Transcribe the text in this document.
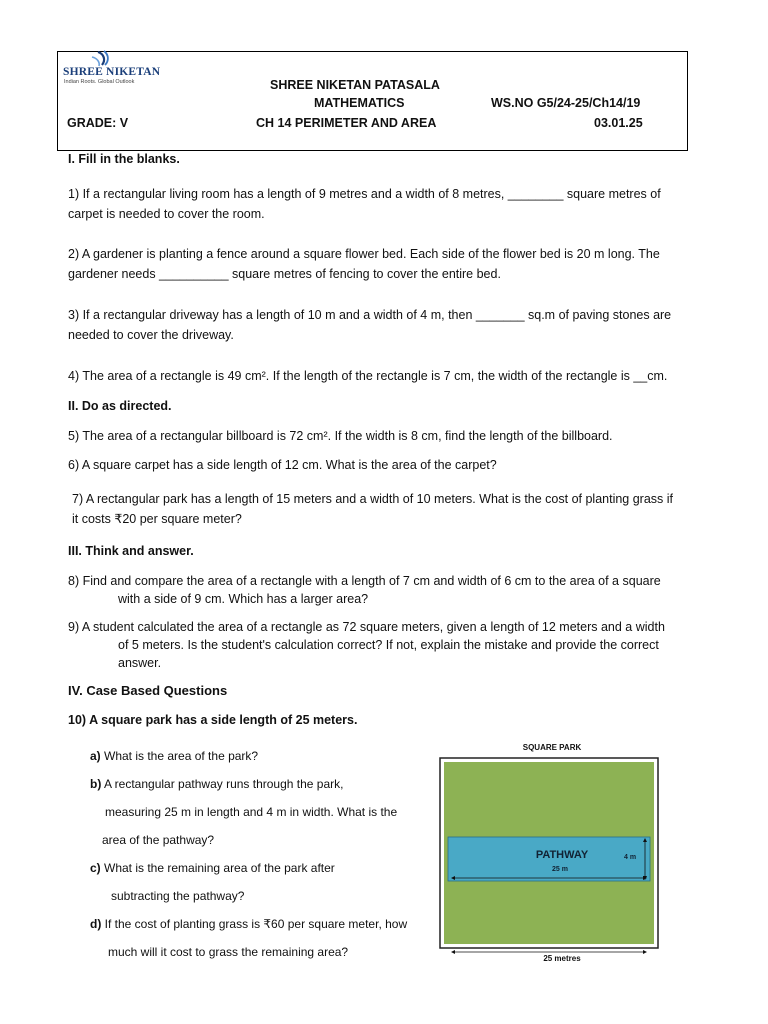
SHREE NIKETAN
Indian Roots. Global Outlook	SHREE NIKETAN PATASALA
MATHEMATICS	WS.NO G5/24-25/Ch14/19
GRADE: V	CH 14 PERIMETER AND AREA	03.01.25
I. Fill in the blanks.
1) If a rectangular living room has a length of 9 metres and a width of 8 metres, ________ square metres of
carpet is needed to cover the room.
2) A gardener is planting a fence around a square flower bed. Each side of the flower bed is 20 m long. The
gardener needs __________ square metres of fencing to cover the entire bed.
3) If a rectangular driveway has a length of 10 m and a width of 4 m, then _______ sq.m of paving stones are
needed to cover the driveway.
4) The area of a rectangle is 49 cm². If the length of the rectangle is 7 cm, the width of the rectangle is __cm.
II. Do as directed.
5) The area of a rectangular billboard is 72 cm². If the width is 8 cm, find the length of the billboard.
6) A square carpet has a side length of 12 cm. What is the area of the carpet?
7) A rectangular park has a length of 15 meters and a width of 10 meters. What is the cost of planting grass if
it costs ₹20 per square meter?
III. Think and answer.
8) Find and compare the area of a rectangle with a length of 7 cm and width of 6 cm to the area of a square
with a side of 9 cm. Which has a larger area?
9) A student calculated the area of a rectangle as 72 square meters, given a length of 12 meters and a width
of 5 meters. Is the student's calculation correct? If not, explain the mistake and provide the correct
answer.
IV. Case Based Questions
10) A square park has a side length of 25 meters.
a) What is the area of the park?
b) A rectangular pathway runs through the park,
measuring 25 m in length and 4 m in width. What is the
area of the pathway?
c) What is the remaining area of the park after
subtracting the pathway?
d) If the cost of planting grass is ₹60 per square meter, how
much will it cost to grass the remaining area?
SQUARE PARK
PATHWAY	4 m
25 m
25 metres
